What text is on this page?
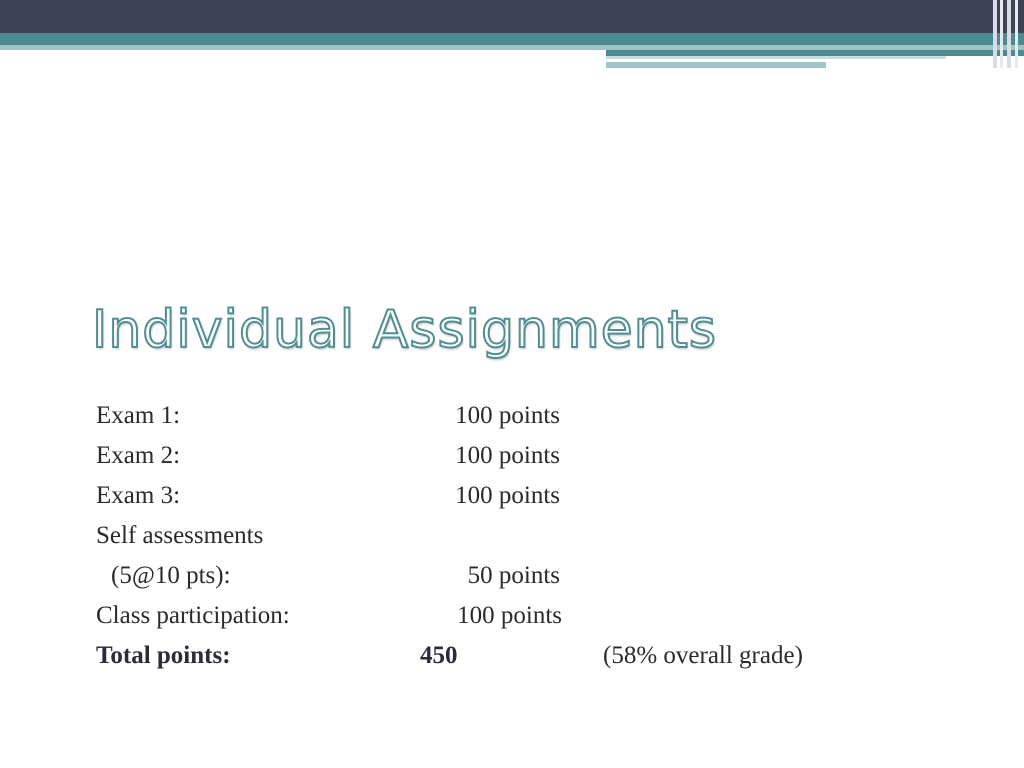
Individual Assignments
Exam 1:	100 points
Exam 2:	100 points
Exam 3:	100 points
Self assessments
(5@10 pts):	50 points
Class participation:	100 points
Total points:	450	(58% overall grade)
